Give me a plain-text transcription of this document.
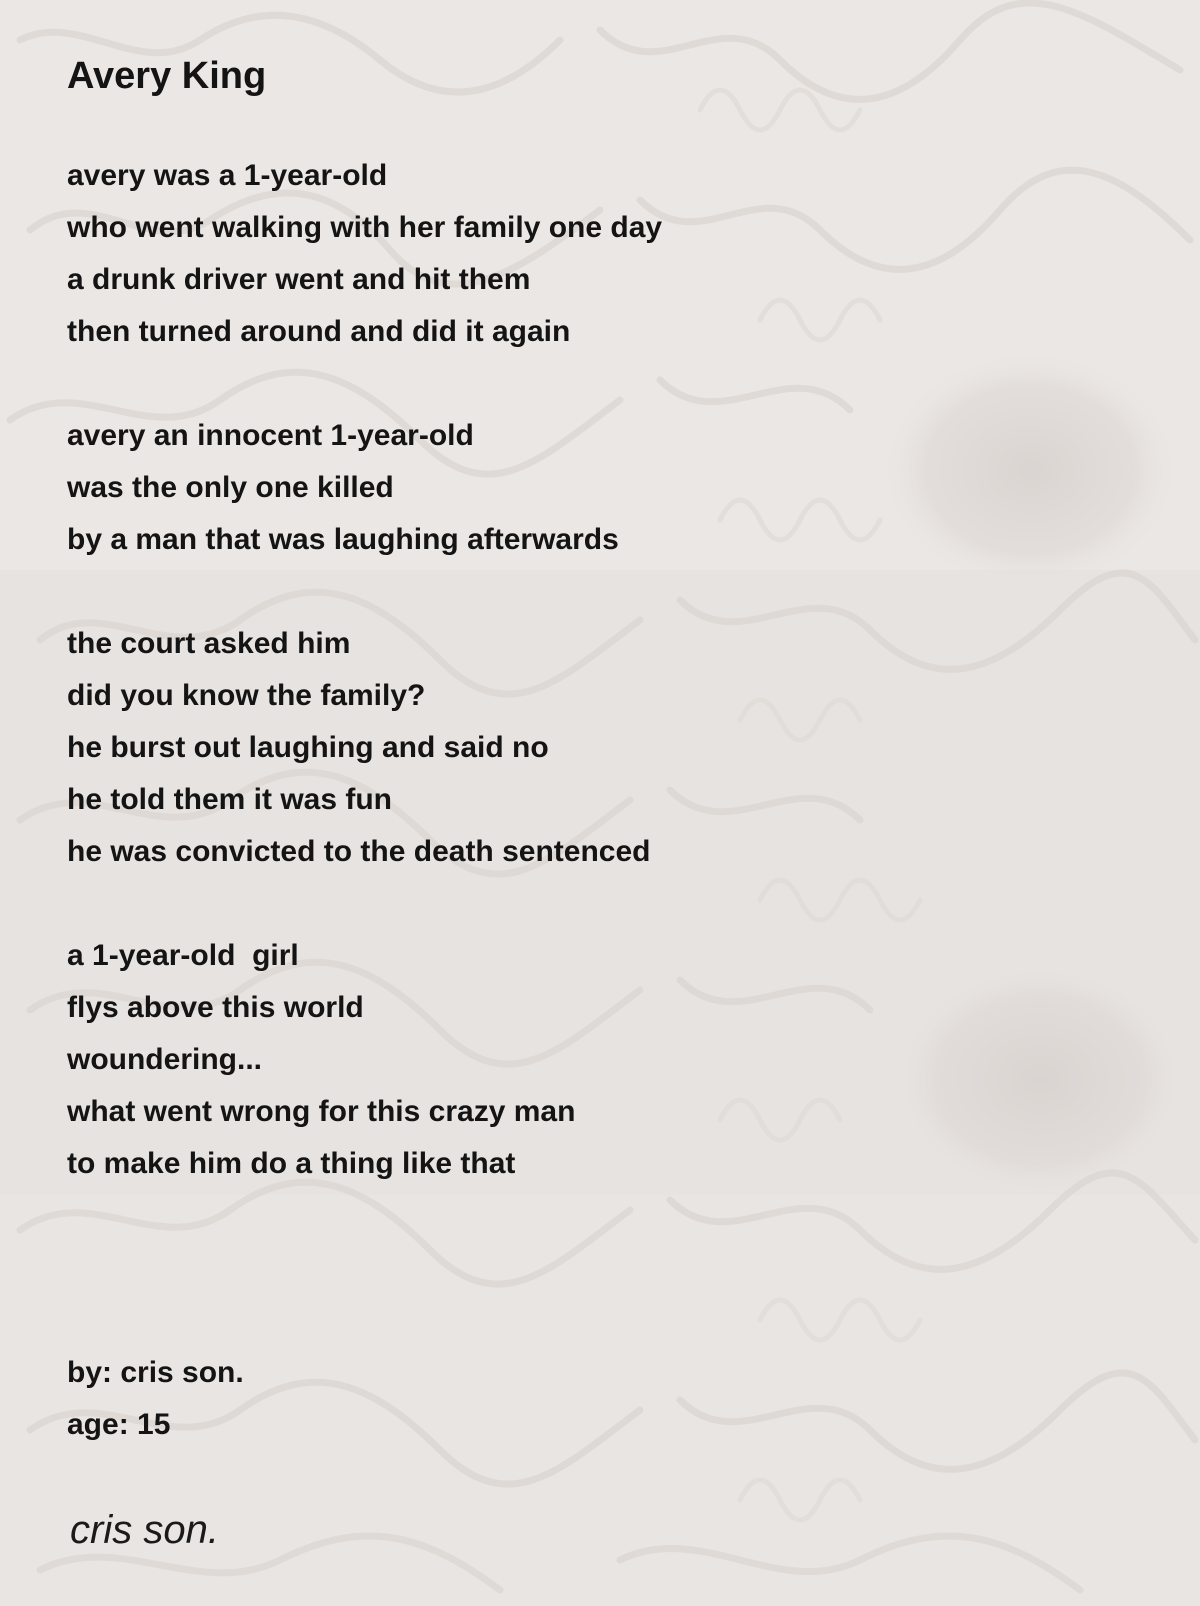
Avery King
avery was a 1-year-old
who went walking with her family one day
a drunk driver went and hit them
then turned around and did it again
avery an innocent 1-year-old
was the only one killed
by a man that was laughing afterwards
the court asked him
did you know the family?
he burst out laughing and said no
he told them it was fun
he was convicted to the death sentenced
a 1-year-old  girl
flys above this world
woundering...
what went wrong for this crazy man
to make him do a thing like that
by: cris son.
age: 15
cris son.
